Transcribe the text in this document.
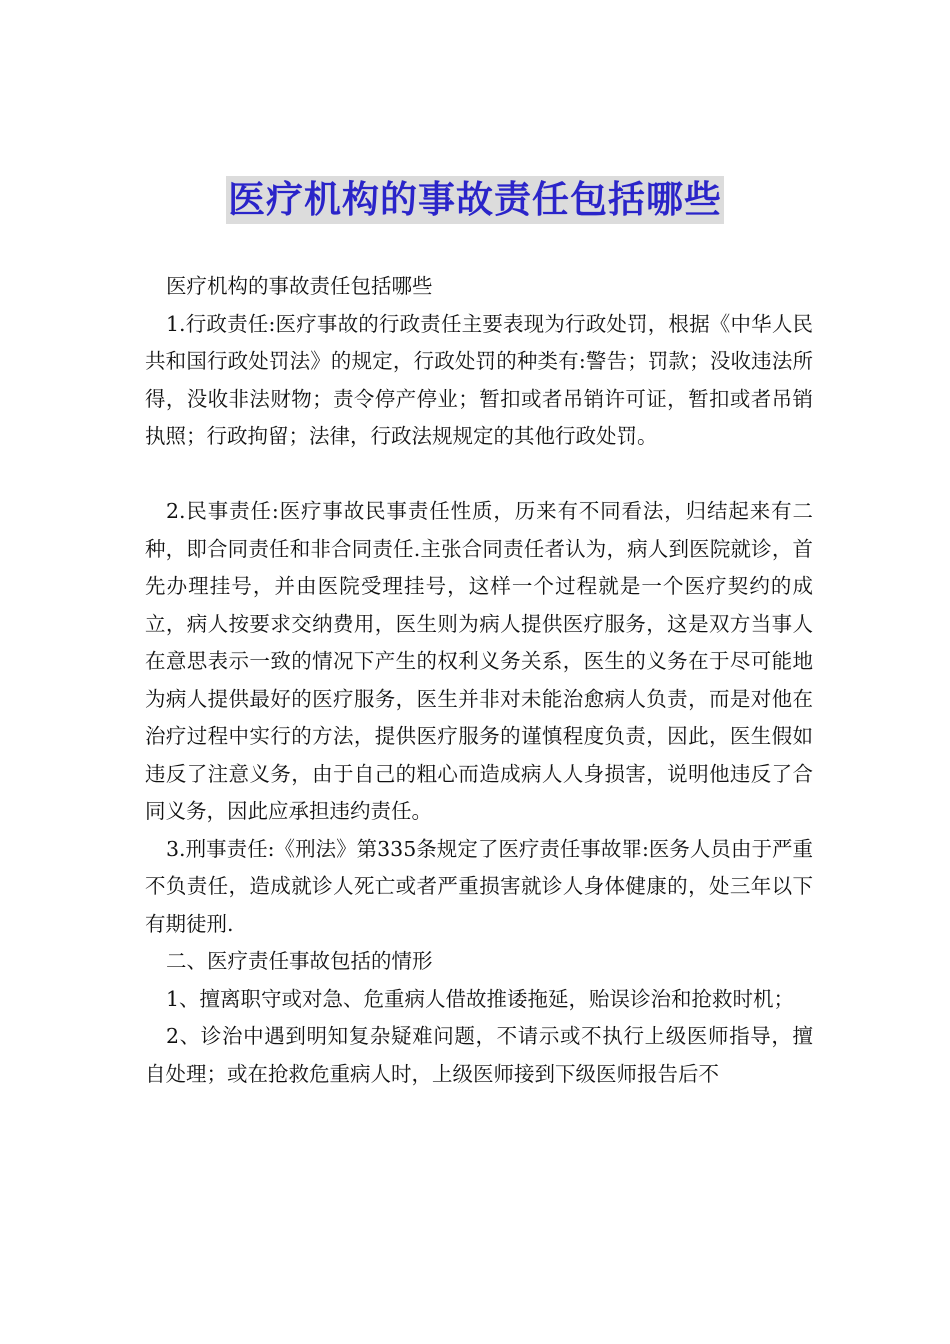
医疗机构的事故责任包括哪些

医疗机构的事故责任包括哪些

1.行政责任:医疗事故的行政责任主要表现为行政处罚，根据《中华人民共和国行政处罚法》的规定，行政处罚的种类有:警告；罚款；没收违法所得，没收非法财物；责令停产停业；暂扣或者吊销许可证，暂扣或者吊销执照；行政拘留；法律，行政法规规定的其他行政处罚。

2.民事责任:医疗事故民事责任性质，历来有不同看法，归结起来有二种，即合同责任和非合同责任.主张合同责任者认为，病人到医院就诊，首先办理挂号，并由医院受理挂号，这样一个过程就是一个医疗契约的成立，病人按要求交纳费用，医生则为病人提供医疗服务，这是双方当事人在意思表示一致的情况下产生的权利义务关系，医生的义务在于尽可能地为病人提供最好的医疗服务，医生并非对未能治愈病人负责，而是对他在治疗过程中实行的方法，提供医疗服务的谨慎程度负责，因此，医生假如违反了注意义务，由于自己的粗心而造成病人人身损害，说明他违反了合同义务，因此应承担违约责任。

3.刑事责任:《刑法》第335条规定了医疗责任事故罪:医务人员由于严重不负责任，造成就诊人死亡或者严重损害就诊人身体健康的，处三年以下有期徒刑.

二、医疗责任事故包括的情形

1、擅离职守或对急、危重病人借故推诿拖延，贻误诊治和抢救时机；

2、诊治中遇到明知复杂疑难问题，不请示或不执行上级医师指导，擅自处理；或在抢救危重病人时，上级医师接到下级医师报告后不
